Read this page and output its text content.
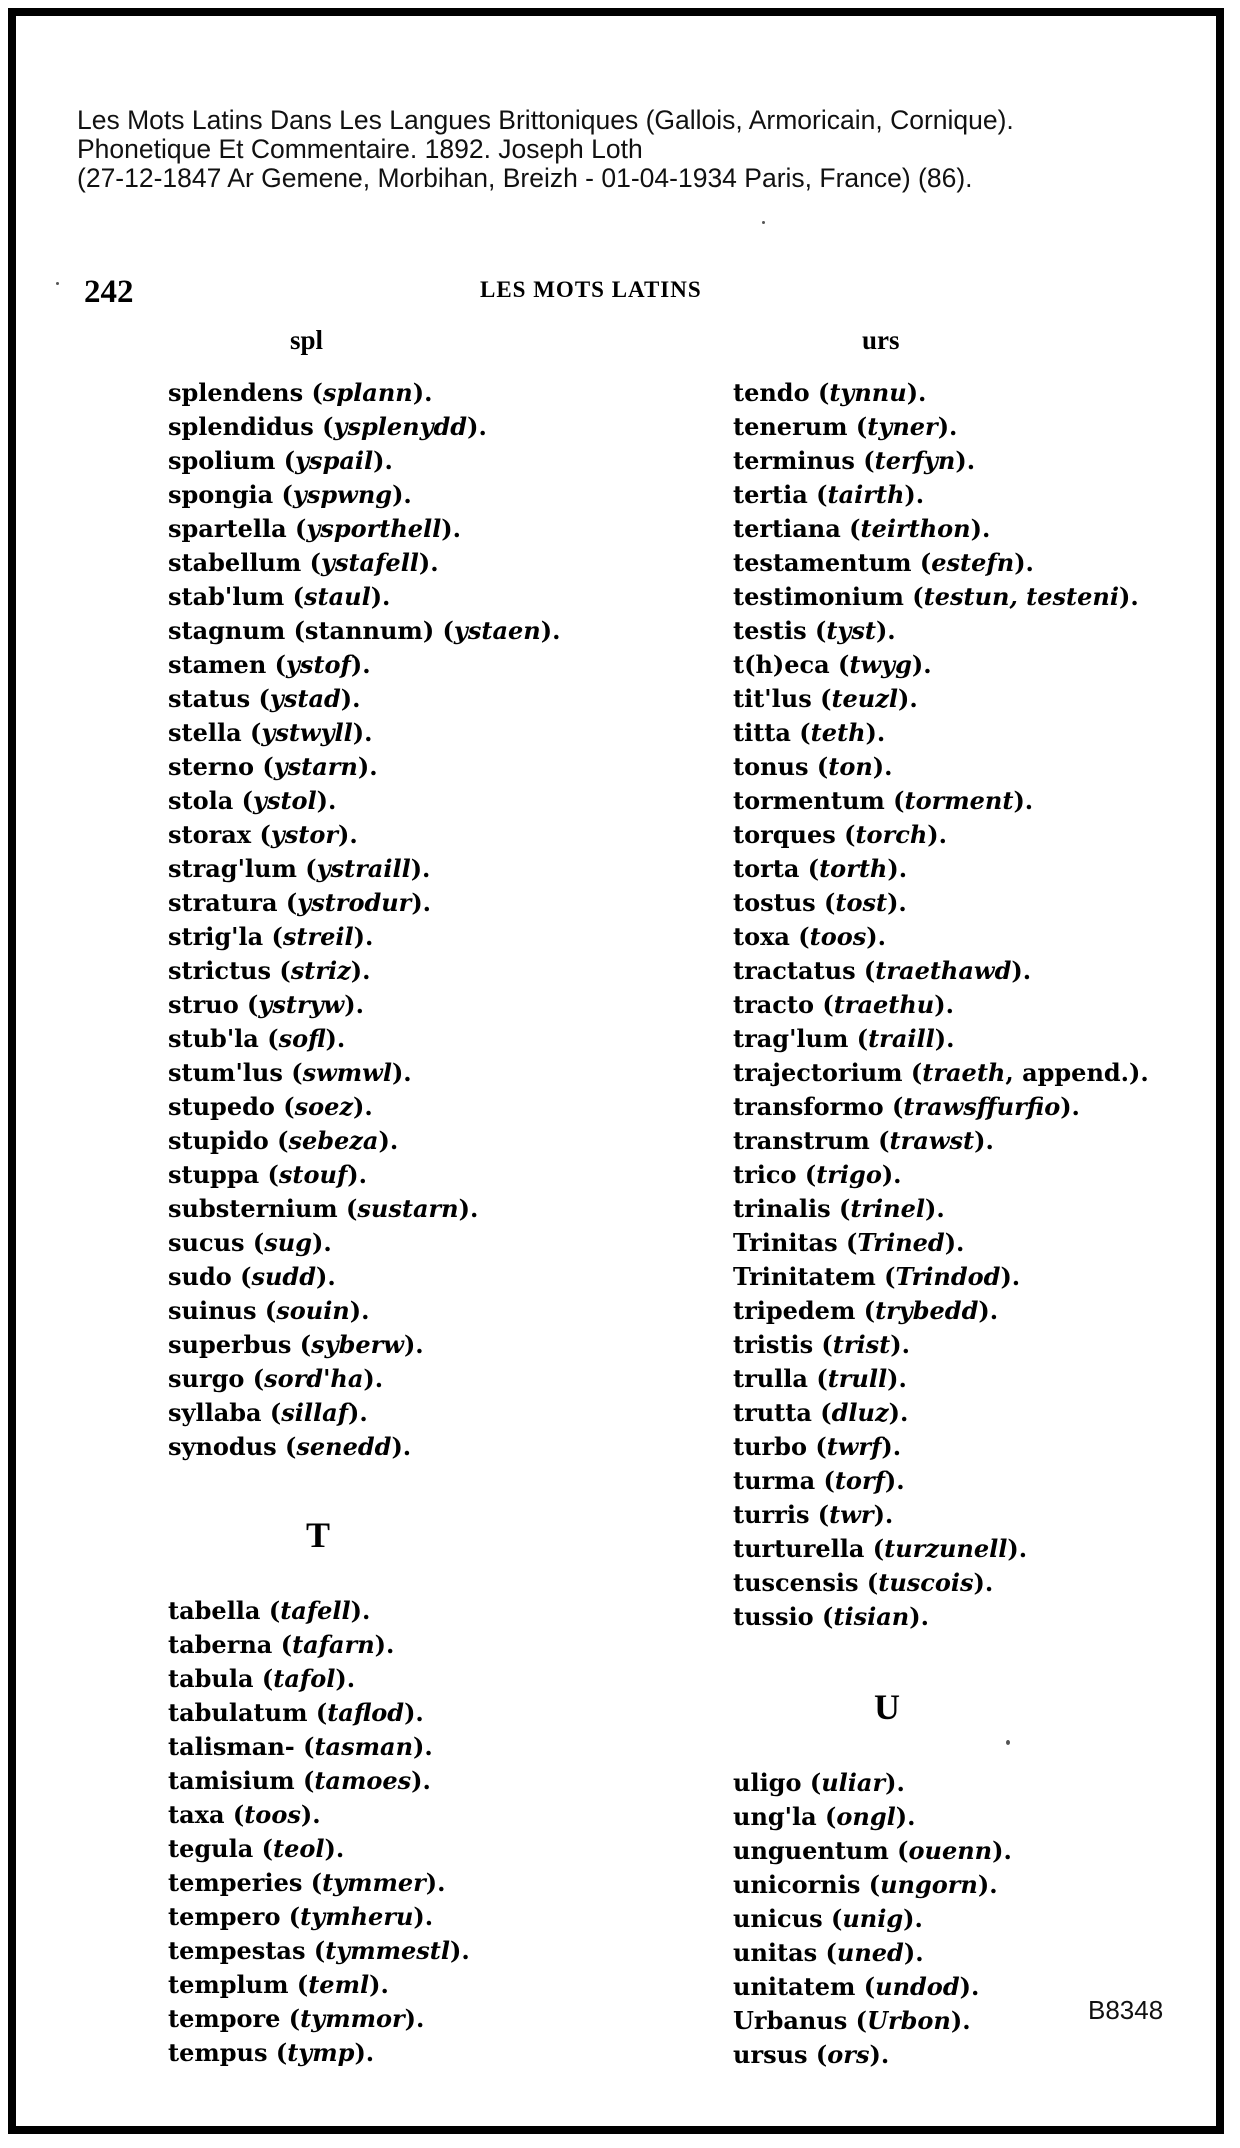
Les Mots Latins Dans Les Langues Brittoniques (Gallois, Armoricain, Cornique).
Phonetique Et Commentaire. 1892. Joseph Loth
(27-12-1847 Ar Gemene, Morbihan, Breizh - 01-04-1934 Paris, France) (86).
242	LES MOTS LATINS
spl	urs
splendens (splann).
splendidus (ysplenydd).
spolium (yspail).
spongia (yspwng).
spartella (ysporthell).
stabellum (ystafell).
stab'lum (staul).
stagnum (stannum) (ystaen).
stamen (ystof).
status (ystad).
stella (ystwyll).
sterno (ystarn).
stola (ystol).
storax (ystor).
strag'lum (ystraill).
stratura (ystrodur).
strig'la (streil).
strictus (striz).
struo (ystryw).
stub'la (sofl).
stum'lus (swmwl).
stupedo (soez).
stupido (sebeza).
stuppa (stouf).
substernium (sustarn).
sucus (sug).
sudo (sudd).
suinus (souin).
superbus (syberw).
surgo (sord'ha).
syllaba (sillaf).
synodus (senedd).
T
tabella (tafell).
taberna (tafarn).
tabula (tafol).
tabulatum (taflod).
talisman- (tasman).
tamisium (tamoes).
taxa (toos).
tegula (teol).
temperies (tymmer).
tempero (tymheru).
tempestas (tymmestl).
templum (teml).
tempore (tymmor).
tempus (tymp).
tendo (tynnu).
tenerum (tyner).
terminus (terfyn).
tertia (tairth).
tertiana (teirthon).
testamentum (estefn).
testimonium (testun, testeni).
testis (tyst).
t(h)eca (twyg).
tit'lus (teuzl).
titta (teth).
tonus (ton).
tormentum (torment).
torques (torch).
torta (torth).
tostus (tost).
toxa (toos).
tractatus (traethawd).
tracto (traethu).
trag'lum (traill).
trajectorium (traeth, append.).
transformo (trawsffurfio).
transtrum (trawst).
trico (trigo).
trinalis (trinel).
Trinitas (Trined).
Trinitatem (Trindod).
tripedem (trybedd).
tristis (trist).
trulla (trull).
trutta (dluz).
turbo (twrf).
turma (torf).
turris (twr).
turturella (turzunell).
tuscensis (tuscois).
tussio (tisian).
U
uligo (uliar).
ung'la (ongl).
unguentum (ouenn).
unicornis (ungorn).
unicus (unig).
unitas (uned).
unitatem (undod).
Urbanus (Urbon).
ursus (ors).
B8348
